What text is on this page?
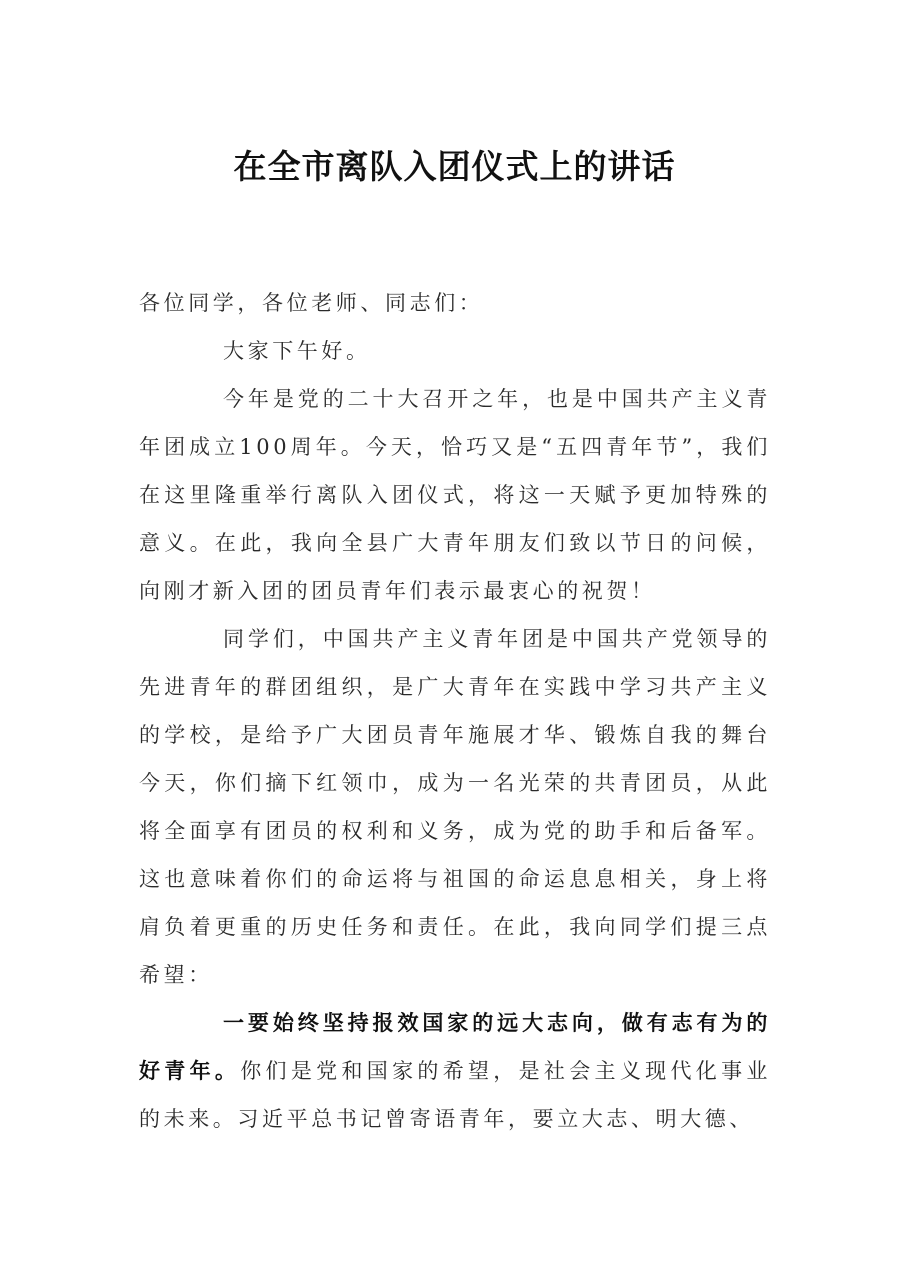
在全市离队入团仪式上的讲话

各位同学，各位老师、同志们：

大家下午好。

今年是党的二十大召开之年，也是中国共产主义青年团成立100周年。今天，恰巧又是“五四青年节”，我们在这里隆重举行离队入团仪式，将这一天赋予更加特殊的意义。在此，我向全县广大青年朋友们致以节日的问候，向刚才新入团的团员青年们表示最衷心的祝贺！

同学们，中国共产主义青年团是中国共产党领导的先进青年的群团组织，是广大青年在实践中学习共产主义的学校，是给予广大团员青年施展才华、锻炼自我的舞台今天，你们摘下红领巾，成为一名光荣的共青团员，从此将全面享有团员的权利和义务，成为党的助手和后备军。这也意味着你们的命运将与祖国的命运息息相关，身上将肩负着更重的历史任务和责任。在此，我向同学们提三点希望：

一要始终坚持报效国家的远大志向，做有志有为的好青年。你们是党和国家的希望，是社会主义现代化事业的未来。习近平总书记曾寄语青年，要立大志、明大德、
